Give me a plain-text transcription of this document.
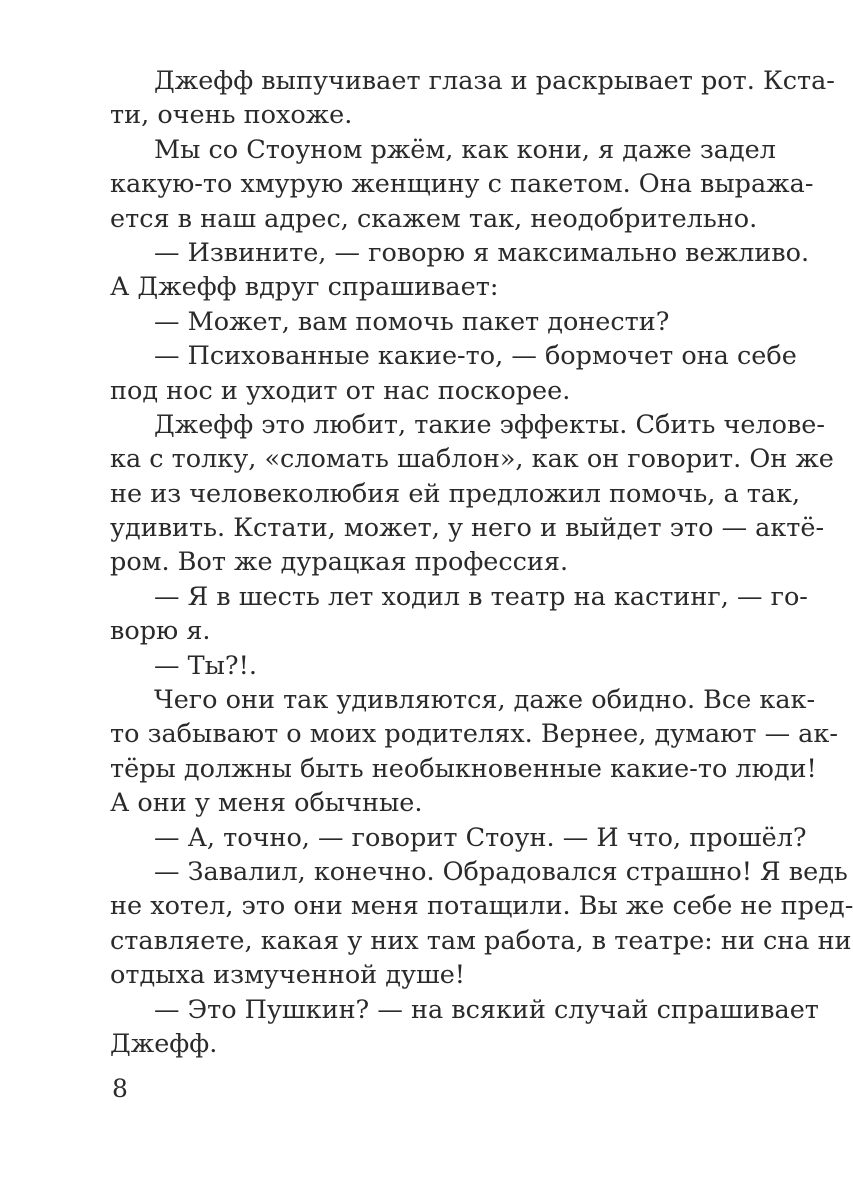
Джефф выпучивает глаза и раскрывает рот. Кста-
ти, очень похоже.
Мы со Стоуном ржём, как кони, я даже задел
какую-то хмурую женщину с пакетом. Она выража-
ется в наш адрес, скажем так, неодобрительно.
— Извините, — говорю я максимально вежливо.
А Джефф вдруг спрашивает:
— Может, вам помочь пакет донести?
— Психованные какие-то, — бормочет она себе
под нос и уходит от нас поскорее.
Джефф это любит, такие эффекты. Сбить челове-
ка с толку, «сломать шаблон», как он говорит. Он же
не из человеколюбия ей предложил помочь, а так,
удивить. Кстати, может, у него и выйдет это — актё-
ром. Вот же дурацкая профессия.
— Я в шесть лет ходил в театр на кастинг, — го-
ворю я.
— Ты?!.
Чего они так удивляются, даже обидно. Все как-
то забывают о моих родителях. Вернее, думают — ак-
тёры должны быть необыкновенные какие-то люди!
А они у меня обычные.
— А, точно, — говорит Стоун. — И что, прошёл?
— Завалил, конечно. Обрадовался страшно! Я ведь
не хотел, это они меня потащили. Вы же себе не пред-
ставляете, какая у них там работа, в театре: ни сна ни
отдыха измученной душе!
— Это Пушкин? — на всякий случай спрашивает
Джефф.
8
